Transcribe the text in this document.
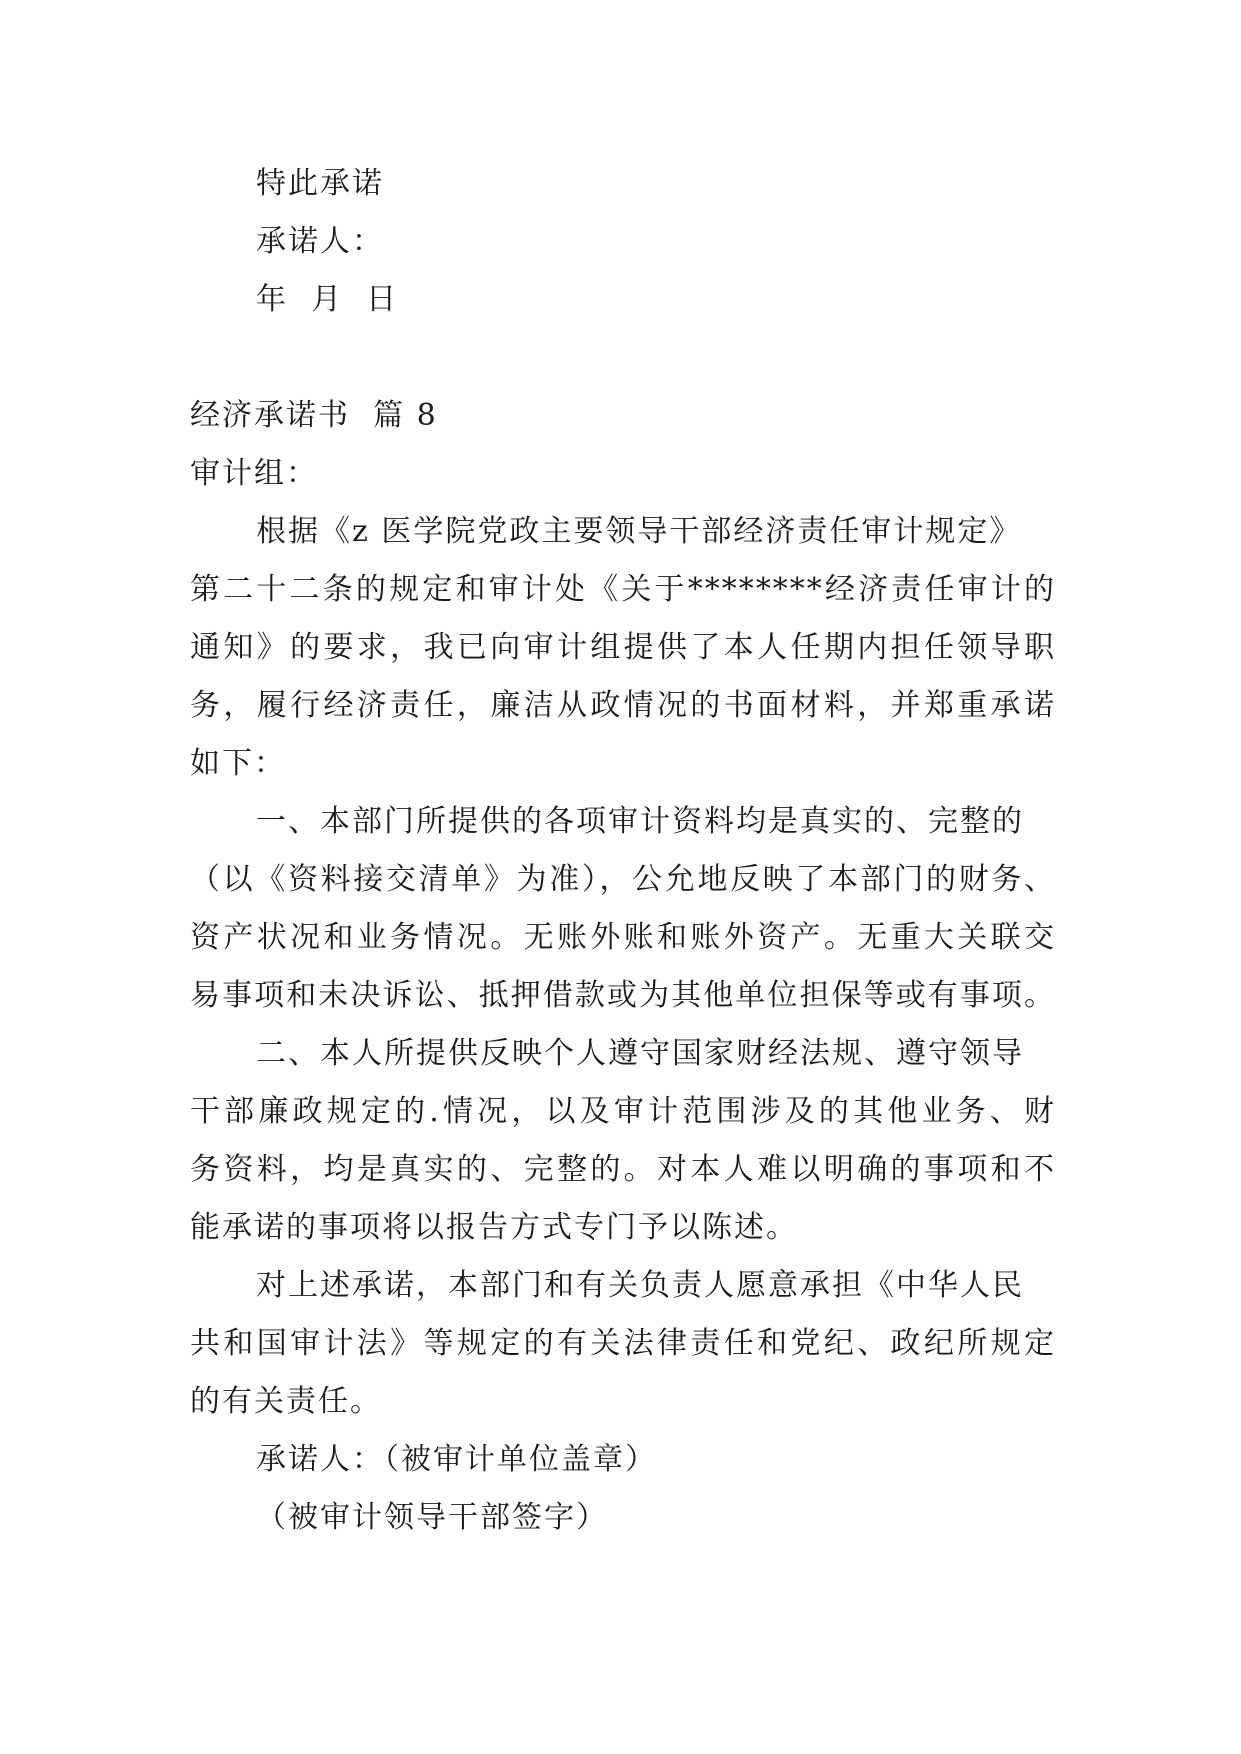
特此承诺
承诺人：
年  月  日
经济承诺书  篇 8
审计组：
根据《z 医学院党政主要领导干部经济责任审计规定》
第二十二条的规定和审计处《关于********经济责任审计的
通知》的要求，我已向审计组提供了本人任期内担任领导职
务，履行经济责任，廉洁从政情况的书面材料，并郑重承诺
如下：
一、本部门所提供的各项审计资料均是真实的、完整的
（以《资料接交清单》为准），公允地反映了本部门的财务、
资产状况和业务情况。无账外账和账外资产。无重大关联交
易事项和未决诉讼、抵押借款或为其他单位担保等或有事项。
二、本人所提供反映个人遵守国家财经法规、遵守领导
干部廉政规定的.情况，以及审计范围涉及的其他业务、财
务资料，均是真实的、完整的。对本人难以明确的事项和不
能承诺的事项将以报告方式专门予以陈述。
对上述承诺，本部门和有关负责人愿意承担《中华人民
共和国审计法》等规定的有关法律责任和党纪、政纪所规定
的有关责任。
承诺人：（被审计单位盖章）
（被审计领导干部签字）
